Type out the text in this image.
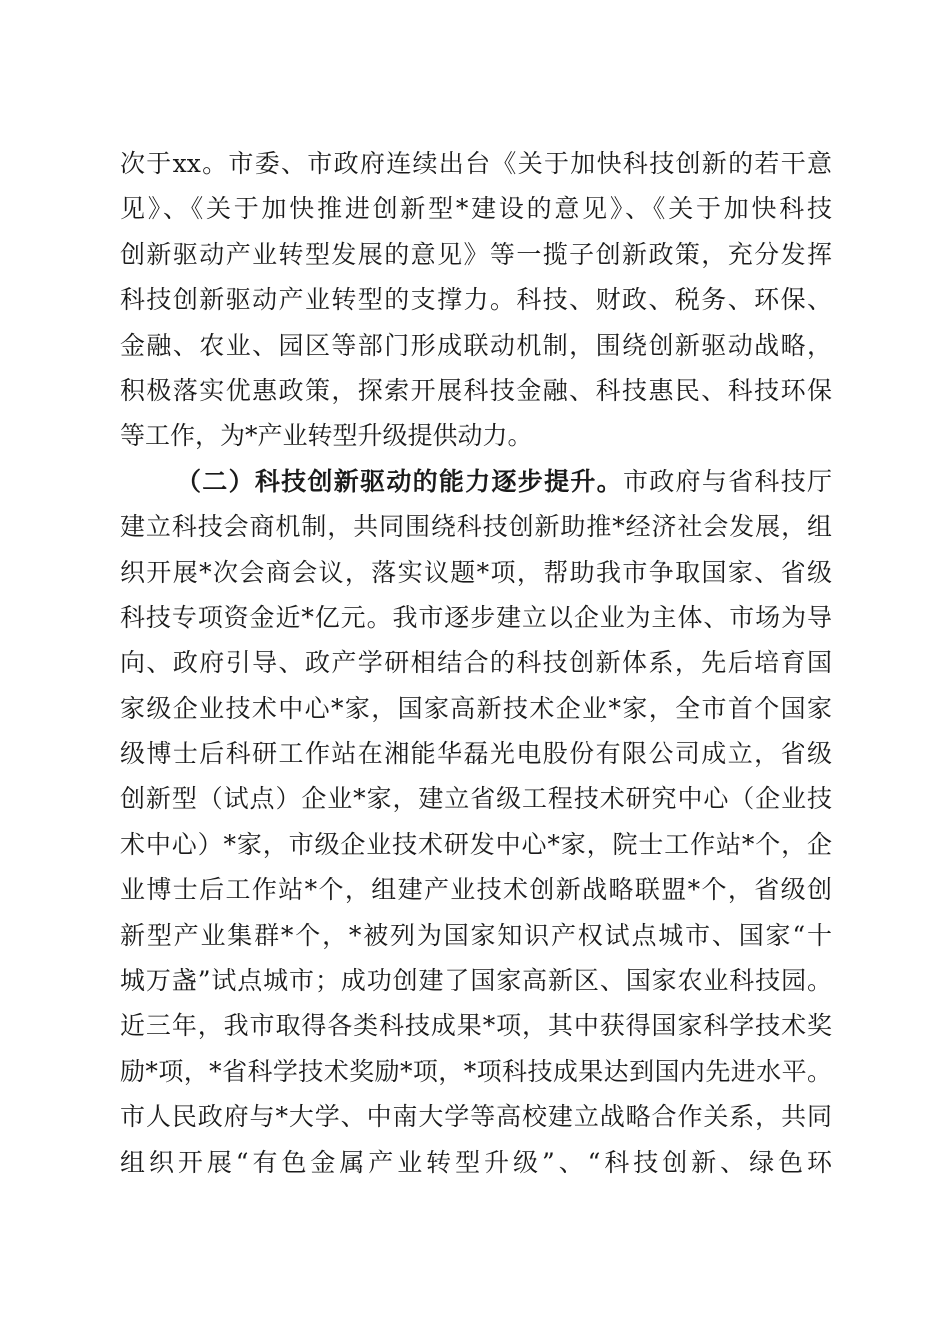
次于xx。市委、市政府连续出台《关于加快科技创新的若干意
见》、《关于加快推进创新型*建设的意见》、《关于加快科技
创新驱动产业转型发展的意见》等一揽子创新政策，充分发挥
科技创新驱动产业转型的支撑力。科技、财政、税务、环保、
金融、农业、园区等部门形成联动机制，围绕创新驱动战略，
积极落实优惠政策，探索开展科技金融、科技惠民、科技环保
等工作，为*产业转型升级提供动力。
（二）科技创新驱动的能力逐步提升。市政府与省科技厅
建立科技会商机制，共同围绕科技创新助推*经济社会发展，组
织开展*次会商会议，落实议题*项，帮助我市争取国家、省级
科技专项资金近*亿元。我市逐步建立以企业为主体、市场为导
向、政府引导、政产学研相结合的科技创新体系，先后培育国
家级企业技术中心*家，国家高新技术企业*家，全市首个国家
级博士后科研工作站在湘能华磊光电股份有限公司成立，省级
创新型（试点）企业*家，建立省级工程技术研究中心（企业技
术中心）*家，市级企业技术研发中心*家，院士工作站*个，企
业博士后工作站*个，组建产业技术创新战略联盟*个，省级创
新型产业集群*个，*被列为国家知识产权试点城市、国家“十
城万盏”试点城市；成功创建了国家高新区、国家农业科技园。
近三年，我市取得各类科技成果*项，其中获得国家科学技术奖
励*项，*省科学技术奖励*项，*项科技成果达到国内先进水平。
市人民政府与*大学、中南大学等高校建立战略合作关系，共同
组织开展“有色金属产业转型升级”、“科技创新、绿色环
